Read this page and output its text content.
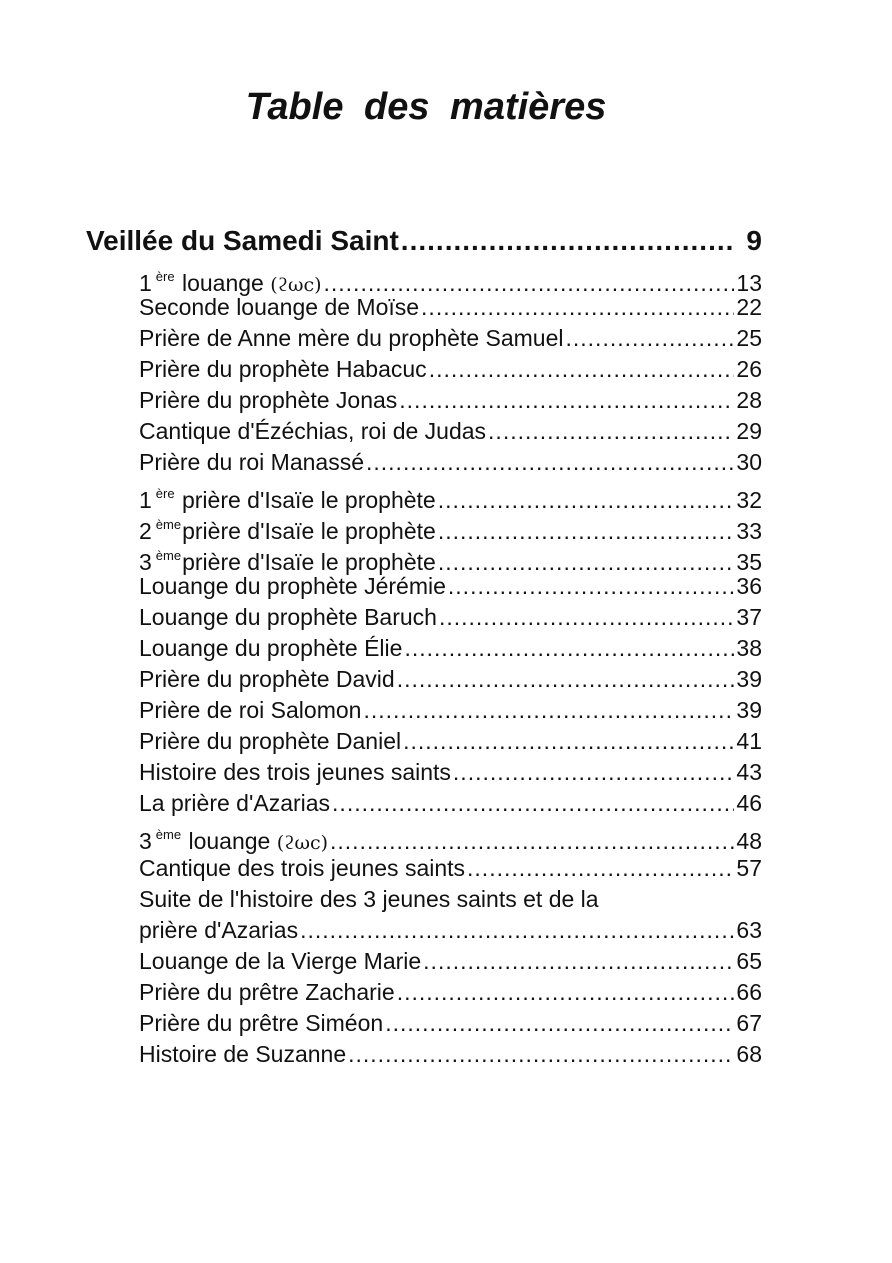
Table des matières
Veillée du Samedi Saint .....	9
1 $^{ère}$ louange (ϩωc) .....	13
Seconde louange de Moïse .....	22
Prière de Anne mère du prophète Samuel .....	25
Prière du prophète Habacuc .....	26
Prière du prophète Jonas .....	28
Cantique d'Ézéchias, roi de Judas .....	29
Prière du roi Manassé .....	30
1 $^{ère}$ prière d'Isaïe le prophète .....	32
2 $^{ème}$prière d'Isaïe le prophète .....	33
3 $^{ème}$prière d'Isaïe le prophète .....	35
Louange du prophète Jérémie .....	36
Louange du prophète Baruch .....	37
Louange du prophète Élie .....	38
Prière du prophète David .....	39
Prière de roi Salomon .....	39
Prière du prophète Daniel .....	41
Histoire des trois jeunes saints .....	43
La prière d'Azarias .....	46
3 $^{ème}$ louange (ϩωc) .....	48
Cantique des trois jeunes saints .....	57
Suite de l'histoire des 3 jeunes saints et de la
prière d'Azarias .....	63
Louange de la Vierge Marie .....	65
Prière du prêtre Zacharie .....	66
Prière du prêtre Siméon .....	67
Histoire de Suzanne .....	68
